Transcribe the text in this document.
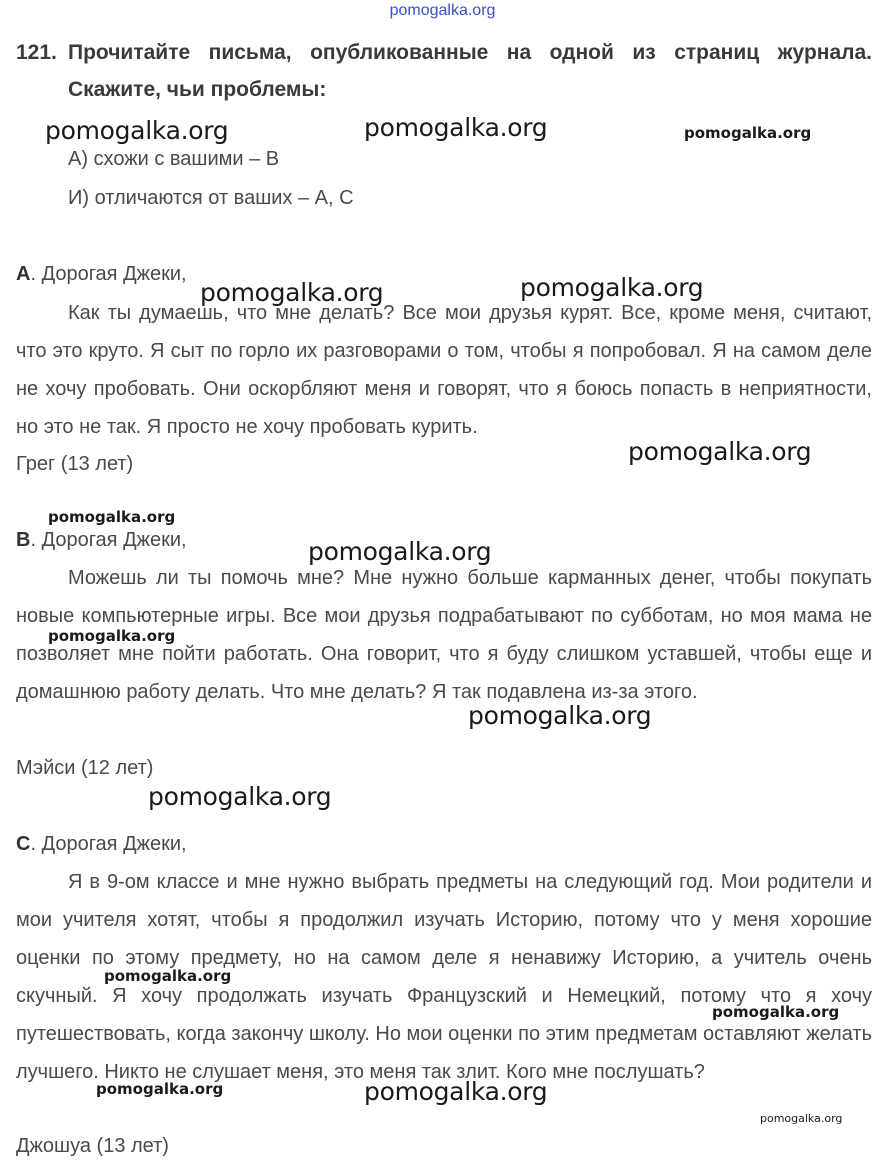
pomogalka.org
121. Прочитайте письма, опубликованные на одной из страниц журнала.
Скажите, чьи проблемы:
А) схожи с вашими – В
И) отличаются от ваших – А, С
A. Дорогая Джеки,
Как ты думаешь, что мне делать? Все мои друзья курят. Все, кроме меня, считают, что это круто. Я сыт по горло их разговорами о том, чтобы я попробовал. Я на самом деле не хочу пробовать. Они оскорбляют меня и говорят, что я боюсь попасть в неприятности, но это не так. Я просто не хочу пробовать курить.
Грег (13 лет)
B. Дорогая Джеки,
Можешь ли ты помочь мне? Мне нужно больше карманных денег, чтобы покупать новые компьютерные игры. Все мои друзья подрабатывают по субботам, но моя мама не позволяет мне пойти работать. Она говорит, что я буду слишком уставшей, чтобы еще и домашнюю работу делать. Что мне делать? Я так подавлена из-за этого.
Мэйси (12 лет)
C. Дорогая Джеки,
Я в 9-ом классе и мне нужно выбрать предметы на следующий год. Мои родители и мои учителя хотят, чтобы я продолжил изучать Историю, потому что у меня хорошие оценки по этому предмету, но на самом деле я ненавижу Историю, а учитель очень скучный. Я хочу продолжать изучать Французский и Немецкий, потому что я хочу путешествовать, когда закончу школу. Но мои оценки по этим предметам оставляют желать лучшего. Никто не слушает меня, это меня так злит. Кого мне послушать?
Джошуа (13 лет)
pomogalka.org	pomogalka.org	pomogalka.org
pomogalka.org	pomogalka.org
pomogalka.org
pomogalka.org
pomogalka.org
pomogalka.org
pomogalka.org
pomogalka.org
pomogalka.org
pomogalka.org
pomogalka.org	pomogalka.org
pomogalka.org
